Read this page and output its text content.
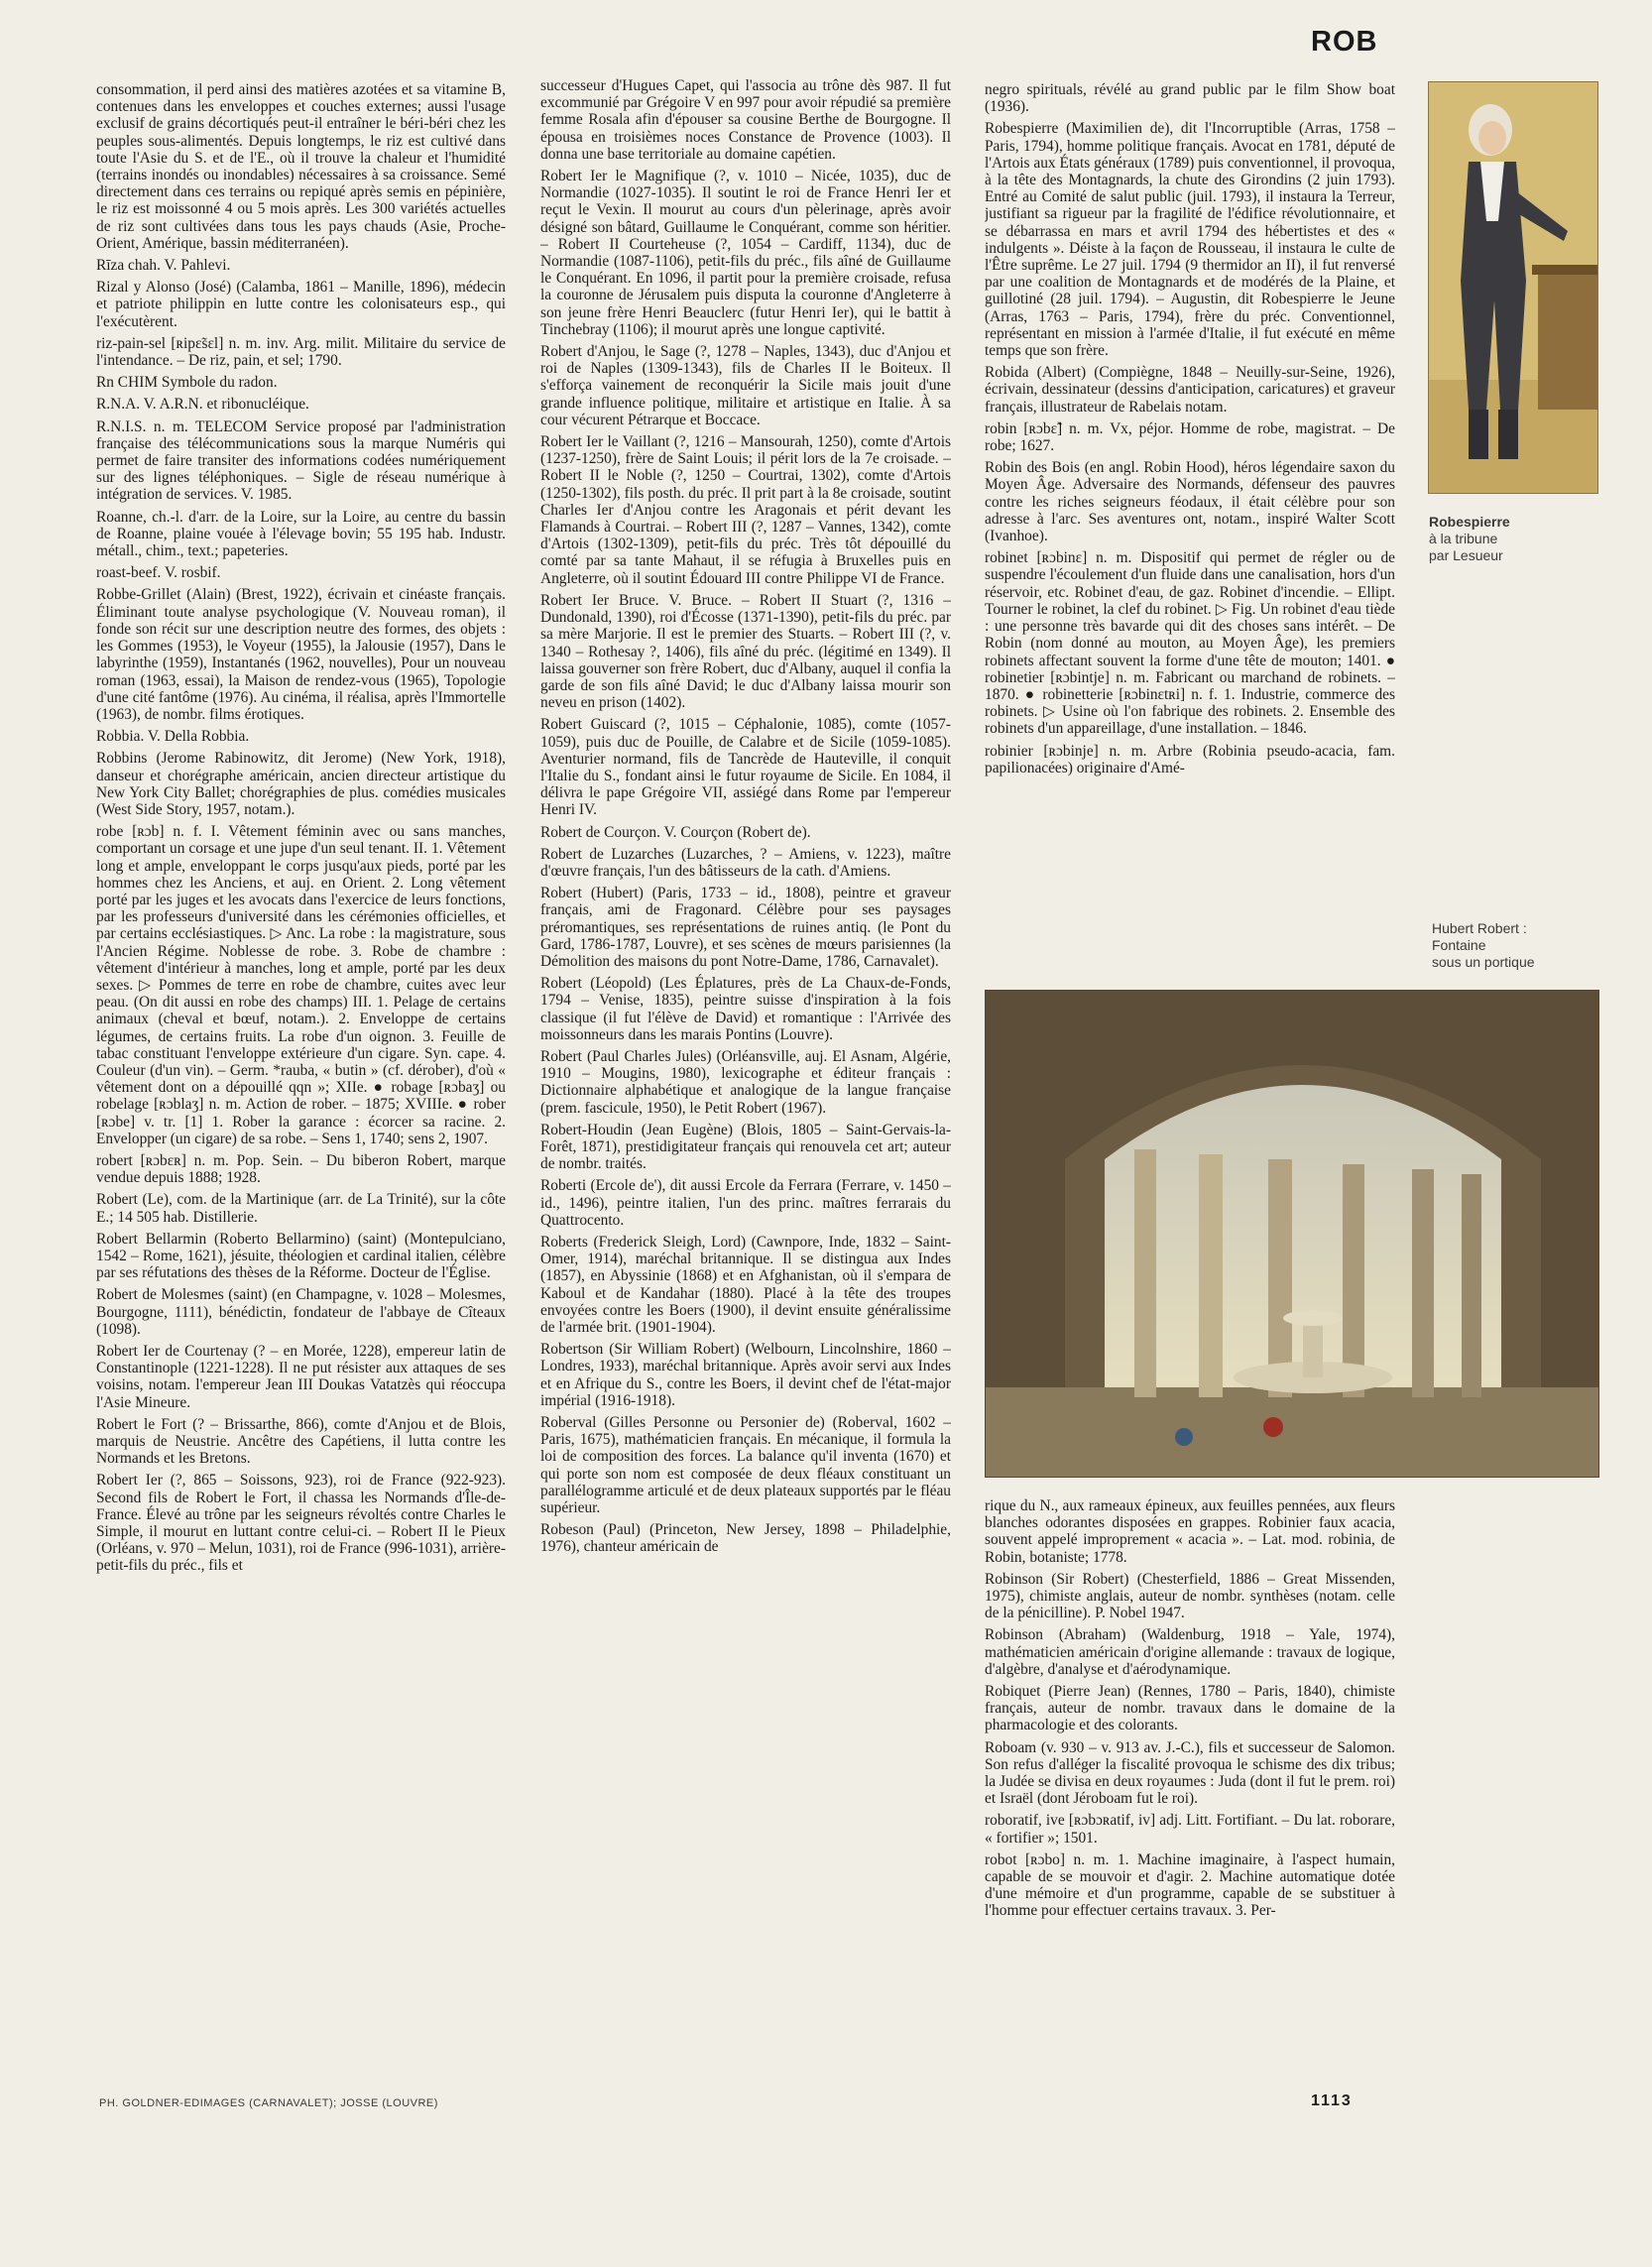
ROB

consommation, il perd ainsi des matières azotées et sa vitamine B, contenues dans les enveloppes et couches externes; aussi l'usage exclusif de grains décortiqués peut-il entraîner le béri-béri chez les peuples sous-alimentés. Depuis longtemps, le riz est cultivé dans toute l'Asie du S. et de l'E., où il trouve la chaleur et l'humidité (terrains inondés ou inondables) nécessaires à sa croissance. Semé directement dans ces terrains ou repiqué après semis en pépinière, le riz est moissonné 4 ou 5 mois après. Les 300 variétés actuelles de riz sont cultivées dans tous les pays chauds (Asie, Proche-Orient, Amérique, bassin méditerranéen).

Rīza chah. V. Pahlevi.

Rizal y Alonso (José) (Calamba, 1861 – Manille, 1896), médecin et patriote philippin en lutte contre les colonisateurs esp., qui l'exécutèrent.

riz-pain-sel [ʀipɛ̃sɛl] n. m. inv. Arg. milit. Militaire du service de l'intendance. – De riz, pain, et sel; 1790.

Rn CHIM Symbole du radon.

R.N.A. V. A.R.N. et ribonucléique.

R.N.I.S. n. m. TELECOM Service proposé par l'administration française des télécommunications sous la marque Numéris qui permet de faire transiter des informations codées numériquement sur des lignes téléphoniques. – Sigle de réseau numérique à intégration de services. V. 1985.

Roanne, ch.-l. d'arr. de la Loire, sur la Loire, au centre du bassin de Roanne, plaine vouée à l'élevage bovin; 55 195 hab. Industr. métall., chim., text.; papeteries.

roast-beef. V. rosbif.

Robbe-Grillet (Alain) (Brest, 1922), écrivain et cinéaste français. Éliminant toute analyse psychologique (V. Nouveau roman), il fonde son récit sur une description neutre des formes, des objets : les Gommes (1953), le Voyeur (1955), la Jalousie (1957), Dans le labyrinthe (1959), Instantanés (1962, nouvelles), Pour un nouveau roman (1963, essai), la Maison de rendez-vous (1965), Topologie d'une cité fantôme (1976). Au cinéma, il réalisa, après l'Immortelle (1963), de nombr. films érotiques.

Robbia. V. Della Robbia.

Robbins (Jerome Rabinowitz, dit Jerome) (New York, 1918), danseur et chorégraphe américain, ancien directeur artistique du New York City Ballet; chorégraphies de plus. comédies musicales (West Side Story, 1957, notam.).

robe [ʀɔb] n. f. I. Vêtement féminin avec ou sans manches, comportant un corsage et une jupe d'un seul tenant. II. 1. Vêtement long et ample, enveloppant le corps jusqu'aux pieds, porté par les hommes chez les Anciens, et auj. en Orient. 2. Long vêtement porté par les juges et les avocats dans l'exercice de leurs fonctions, par les professeurs d'université dans les cérémonies officielles, et par certains ecclésiastiques. ▷ Anc. La robe : la magistrature, sous l'Ancien Régime. Noblesse de robe. 3. Robe de chambre : vêtement d'intérieur à manches, long et ample, porté par les deux sexes. ▷ Pommes de terre en robe de chambre, cuites avec leur peau. (On dit aussi en robe des champs) III. 1. Pelage de certains animaux (cheval et bœuf, notam.). 2. Enveloppe de certains légumes, de certains fruits. La robe d'un oignon. 3. Feuille de tabac constituant l'enveloppe extérieure d'un cigare. Syn. cape. 4. Couleur (d'un vin). – Germ. *rauba, « butin » (cf. dérober), d'où « vêtement dont on a dépouillé qqn »; XIIe. ● robage [ʀɔbaʒ] ou robelage [ʀɔblaʒ] n. m. Action de rober. – 1875; XVIIIe. ● rober [ʀɔbe] v. tr. [1] 1. Rober la garance : écorcer sa racine. 2. Envelopper (un cigare) de sa robe. – Sens 1, 1740; sens 2, 1907.

robert [ʀɔbɛʀ] n. m. Pop. Sein. – Du biberon Robert, marque vendue depuis 1888; 1928.

Robert (Le), com. de la Martinique (arr. de La Trinité), sur la côte E.; 14 505 hab. Distillerie.

Robert Bellarmin (Roberto Bellarmino) (saint) (Montepulciano, 1542 – Rome, 1621), jésuite, théologien et cardinal italien, célèbre par ses réfutations des thèses de la Réforme. Docteur de l'Église.

Robert de Molesmes (saint) (en Champagne, v. 1028 – Molesmes, Bourgogne, 1111), bénédictin, fondateur de l'abbaye de Cîteaux (1098).

Robert Ier de Courtenay (? – en Morée, 1228), empereur latin de Constantinople (1221-1228). Il ne put résister aux attaques de ses voisins, notam. l'empereur Jean III Doukas Vatatzès qui réoccupa l'Asie Mineure.

Robert le Fort (? – Brissarthe, 866), comte d'Anjou et de Blois, marquis de Neustrie. Ancêtre des Capétiens, il lutta contre les Normands et les Bretons.

Robert Ier (?, 865 – Soissons, 923), roi de France (922-923). Second fils de Robert le Fort, il chassa les Normands d'Île-de-France. Élevé au trône par les seigneurs révoltés contre Charles le Simple, il mourut en luttant contre celui-ci. – Robert II le Pieux (Orléans, v. 970 – Melun, 1031), roi de France (996-1031), arrière-petit-fils du préc., fils et

successeur d'Hugues Capet, qui l'associa au trône dès 987. Il fut excommunié par Grégoire V en 997 pour avoir répudié sa première femme Rosala afin d'épouser sa cousine Berthe de Bourgogne. Il épousa en troisièmes noces Constance de Provence (1003). Il donna une base territoriale au domaine capétien.

Robert Ier le Magnifique (?, v. 1010 – Nicée, 1035), duc de Normandie (1027-1035). Il soutint le roi de France Henri Ier et reçut le Vexin. Il mourut au cours d'un pèlerinage, après avoir désigné son bâtard, Guillaume le Conquérant, comme son héritier. – Robert II Courteheuse (?, 1054 – Cardiff, 1134), duc de Normandie (1087-1106), petit-fils du préc., fils aîné de Guillaume le Conquérant. En 1096, il partit pour la première croisade, refusa la couronne de Jérusalem puis disputa la couronne d'Angleterre à son jeune frère Henri Beauclerc (futur Henri Ier), qui le battit à Tinchebray (1106); il mourut après une longue captivité.

Robert d'Anjou, le Sage (?, 1278 – Naples, 1343), duc d'Anjou et roi de Naples (1309-1343), fils de Charles II le Boiteux. Il s'efforça vainement de reconquérir la Sicile mais jouit d'une grande influence politique, militaire et artistique en Italie. À sa cour vécurent Pétrarque et Boccace.

Robert Ier le Vaillant (?, 1216 – Mansourah, 1250), comte d'Artois (1237-1250), frère de Saint Louis; il périt lors de la 7e croisade. – Robert II le Noble (?, 1250 – Courtrai, 1302), comte d'Artois (1250-1302), fils posth. du préc. Il prit part à la 8e croisade, soutint Charles Ier d'Anjou contre les Aragonais et périt devant les Flamands à Courtrai. – Robert III (?, 1287 – Vannes, 1342), comte d'Artois (1302-1309), petit-fils du préc. Très tôt dépouillé du comté par sa tante Mahaut, il se réfugia à Bruxelles puis en Angleterre, où il soutint Édouard III contre Philippe VI de France.

Robert Ier Bruce. V. Bruce. – Robert II Stuart (?, 1316 – Dundonald, 1390), roi d'Écosse (1371-1390), petit-fils du préc. par sa mère Marjorie. Il est le premier des Stuarts. – Robert III (?, v. 1340 – Rothesay ?, 1406), fils aîné du préc. (légitimé en 1349). Il laissa gouverner son frère Robert, duc d'Albany, auquel il confia la garde de son fils aîné David; le duc d'Albany laissa mourir son neveu en prison (1402).

Robert Guiscard (?, 1015 – Céphalonie, 1085), comte (1057-1059), puis duc de Pouille, de Calabre et de Sicile (1059-1085). Aventurier normand, fils de Tancrède de Hauteville, il conquit l'Italie du S., fondant ainsi le futur royaume de Sicile. En 1084, il délivra le pape Grégoire VII, assiégé dans Rome par l'empereur Henri IV.

Robert de Courçon. V. Courçon (Robert de).

Robert de Luzarches (Luzarches, ? – Amiens, v. 1223), maître d'œuvre français, l'un des bâtisseurs de la cath. d'Amiens.

Robert (Hubert) (Paris, 1733 – id., 1808), peintre et graveur français, ami de Fragonard. Célèbre pour ses paysages préromantiques, ses représentations de ruines antiq. (le Pont du Gard, 1786-1787, Louvre), et ses scènes de mœurs parisiennes (la Démolition des maisons du pont Notre-Dame, 1786, Carnavalet).

Robert (Léopold) (Les Éplatures, près de La Chaux-de-Fonds, 1794 – Venise, 1835), peintre suisse d'inspiration à la fois classique (il fut l'élève de David) et romantique : l'Arrivée des moissonneurs dans les marais Pontins (Louvre).

Robert (Paul Charles Jules) (Orléansville, auj. El Asnam, Algérie, 1910 – Mougins, 1980), lexicographe et éditeur français : Dictionnaire alphabétique et analogique de la langue française (prem. fascicule, 1950), le Petit Robert (1967).

Robert-Houdin (Jean Eugène) (Blois, 1805 – Saint-Gervais-la-Forêt, 1871), prestidigitateur français qui renouvela cet art; auteur de nombr. traités.

Roberti (Ercole de'), dit aussi Ercole da Ferrara (Ferrare, v. 1450 – id., 1496), peintre italien, l'un des princ. maîtres ferrarais du Quattrocento.

Roberts (Frederick Sleigh, Lord) (Cawnpore, Inde, 1832 – Saint-Omer, 1914), maréchal britannique. Il se distingua aux Indes (1857), en Abyssinie (1868) et en Afghanistan, où il s'empara de Kaboul et de Kandahar (1880). Placé à la tête des troupes envoyées contre les Boers (1900), il devint ensuite généralissime de l'armée brit. (1901-1904).

Robertson (Sir William Robert) (Welbourn, Lincolnshire, 1860 – Londres, 1933), maréchal britannique. Après avoir servi aux Indes et en Afrique du S., contre les Boers, il devint chef de l'état-major impérial (1916-1918).

Roberval (Gilles Personne ou Personier de) (Roberval, 1602 – Paris, 1675), mathématicien français. En mécanique, il formula la loi de composition des forces. La balance qu'il inventa (1670) et qui porte son nom est composée de deux fléaux constituant un parallélogramme articulé et de deux plateaux supportés par le fléau supérieur.

Robeson (Paul) (Princeton, New Jersey, 1898 – Philadelphie, 1976), chanteur américain de

negro spirituals, révélé au grand public par le film Show boat (1936).

Robespierre (Maximilien de), dit l'Incorruptible (Arras, 1758 – Paris, 1794), homme politique français. Avocat en 1781, député de l'Artois aux États généraux (1789) puis conventionnel, il provoqua, à la tête des Montagnards, la chute des Girondins (2 juin 1793). Entré au Comité de salut public (juil. 1793), il instaura la Terreur, justifiant sa rigueur par la fragilité de l'édifice révolutionnaire, et se débarrassa en mars et avril 1794 des hébertistes et des « indulgents ». Déiste à la façon de Rousseau, il instaura le culte de l'Être suprême. Le 27 juil. 1794 (9 thermidor an II), il fut renversé par une coalition de Montagnards et de modérés de la Plaine, et guillotiné (28 juil. 1794). – Augustin, dit Robespierre le Jeune (Arras, 1763 – Paris, 1794), frère du préc. Conventionnel, représentant en mission à l'armée d'Italie, il fut exécuté en même temps que son frère.

Robida (Albert) (Compiègne, 1848 – Neuilly-sur-Seine, 1926), écrivain, dessinateur (dessins d'anticipation, caricatures) et graveur français, illustrateur de Rabelais notam.

robin [ʀɔbɛ̃] n. m. Vx, péjor. Homme de robe, magistrat. – De robe; 1627.

Robin des Bois (en angl. Robin Hood), héros légendaire saxon du Moyen Âge. Adversaire des Normands, défenseur des pauvres contre les riches seigneurs féodaux, il était célèbre pour son adresse à l'arc. Ses aventures ont, notam., inspiré Walter Scott (Ivanhoe).

robinet [ʀɔbinɛ] n. m. Dispositif qui permet de régler ou de suspendre l'écoulement d'un fluide dans une canalisation, hors d'un réservoir, etc. Robinet d'eau, de gaz. Robinet d'incendie. – Ellipt. Tourner le robinet, la clef du robinet. ▷ Fig. Un robinet d'eau tiède : une personne très bavarde qui dit des choses sans intérêt. – De Robin (nom donné au mouton, au Moyen Âge), les premiers robinets affectant souvent la forme d'une tête de mouton; 1401. ● robinetier [ʀɔbintje] n. m. Fabricant ou marchand de robinets. – 1870. ● robinetterie [ʀɔbinɛtʀi] n. f. 1. Industrie, commerce des robinets. ▷ Usine où l'on fabrique des robinets. 2. Ensemble des robinets d'un appareillage, d'une installation. – 1846.

robinier [ʀɔbinje] n. m. Arbre (Robinia pseudo-acacia, fam. papilionacées) originaire d'Amé-

Robespierre
à la tribune
par Lesueur
Hubert Robert :
Fontaine
sous un portique

rique du N., aux rameaux épineux, aux feuilles pennées, aux fleurs blanches odorantes disposées en grappes. Robinier faux acacia, souvent appelé improprement « acacia ». – Lat. mod. robinia, de Robin, botaniste; 1778.

Robinson (Sir Robert) (Chesterfield, 1886 – Great Missenden, 1975), chimiste anglais, auteur de nombr. synthèses (notam. celle de la pénicilline). P. Nobel 1947.

Robinson (Abraham) (Waldenburg, 1918 – Yale, 1974), mathématicien américain d'origine allemande : travaux de logique, d'algèbre, d'analyse et d'aérodynamique.

Robiquet (Pierre Jean) (Rennes, 1780 – Paris, 1840), chimiste français, auteur de nombr. travaux dans le domaine de la pharmacologie et des colorants.

Roboam (v. 930 – v. 913 av. J.-C.), fils et successeur de Salomon. Son refus d'alléger la fiscalité provoqua le schisme des dix tribus; la Judée se divisa en deux royaumes : Juda (dont il fut le prem. roi) et Israël (dont Jéroboam fut le roi).

roboratif, ive [ʀɔbɔʀatif, iv] adj. Litt. Fortifiant. – Du lat. roborare, « fortifier »; 1501.

robot [ʀɔbo] n. m. 1. Machine imaginaire, à l'aspect humain, capable de se mouvoir et d'agir. 2. Machine automatique dotée d'une mémoire et d'un programme, capable de se substituer à l'homme pour effectuer certains travaux. 3. Per-

PH. GOLDNER-EDIMAGES (CARNAVALET); JOSSE (LOUVRE)	1113
